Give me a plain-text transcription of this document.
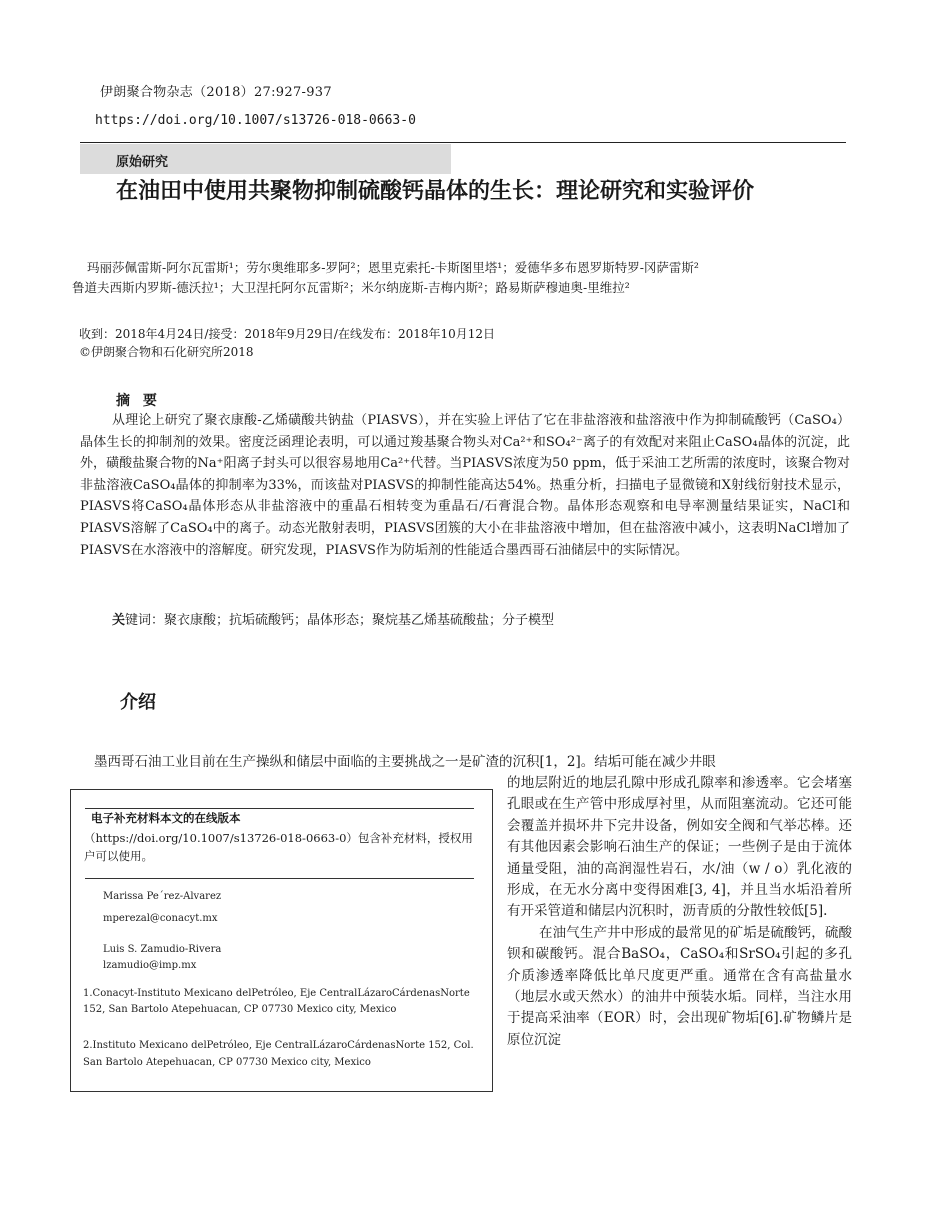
伊朗聚合物杂志（2018）27:927-937
https://doi.org/10.1007/s13726-018-0663-0
原始研究
在油田中使用共聚物抑制硫酸钙晶体的生长：理论研究和实验评价
玛丽莎佩雷斯-阿尔瓦雷斯¹；劳尔奥维耶多-罗阿²；恩里克索托-卡斯图里塔¹；爱德华多布恩罗斯特罗-冈萨雷斯²
鲁道夫西斯内罗斯-德沃拉¹；大卫涅托阿尔瓦雷斯²；米尔纳庞斯-吉梅内斯²；路易斯萨穆迪奥-里维拉²
收到：2018年4月24日/接受：2018年9月29日/在线发布：2018年10月12日
©伊朗聚合物和石化研究所2018
摘 要
从理论上研究了聚衣康酸-乙烯磺酸共钠盐（PIASVS），并在实验上评估了它在非盐溶液和盐溶液中作为抑制硫酸钙（CaSO₄）晶体生长的抑制剂的效果。密度泛函理论表明，可以通过羧基聚合物头对Ca²⁺和SO₄²⁻离子的有效配对来阻止CaSO₄晶体的沉淀，此外，磺酸盐聚合物的Na⁺阳离子封头可以很容易地用Ca²⁺代替。当PIASVS浓度为50 ppm，低于采油工艺所需的浓度时，该聚合物对非盐溶液CaSO₄晶体的抑制率为33%，而该盐对PIASVS的抑制性能高达54%。热重分析，扫描电子显微镜和X射线衍射技术显示，PIASVS将CaSO₄晶体形态从非盐溶液中的重晶石相转变为重晶石/石膏混合物。晶体形态观察和电导率测量结果证实，NaCl和PIASVS溶解了CaSO₄中的离子。动态光散射表明，PIASVS团簇的大小在非盐溶液中增加，但在盐溶液中减小，这表明NaCl增加了PIASVS在水溶液中的溶解度。研究发现，PIASVS作为防垢剂的性能适合墨西哥石油储层中的实际情况。
关键词：聚衣康酸；抗垢硫酸钙；晶体形态；聚烷基乙烯基硫酸盐；分子模型
介绍
墨西哥石油工业目前在生产操纵和储层中面临的主要挑战之一是矿渣的沉积[1，2]。结垢可能在减少井眼

的地层附近的地层孔隙中形成孔隙率和渗透率。它会堵塞孔眼或在生产管中形成厚衬里，从而阻塞流动。它还可能会覆盖并损坏井下完井设备，例如安全阀和气举芯棒。还有其他因素会影响石油生产的保证；一些例子是由于流体通量受阻，油的高润湿性岩石，水/油（w / o）乳化液的形成，在无水分离中变得困难[3, 4]，并且当水垢沿着所有开采管道和储层内沉积时，沥青质的分散性较低[5].

在油气生产井中形成的最常见的矿垢是硫酸钙，硫酸钡和碳酸钙。混合BaSO₄，CaSO₄和SrSO₄引起的多孔介质渗透率降低比单尺度更严重。通常在含有高盐量水（地层水或天然水）的油井中预装水垢。同样，当注水用于提高采油率（EOR）时，会出现矿物垢[6].矿物鳞片是原位沉淀

电子补充材料本文的在线版本
（https://doi.org/10.1007/s13726-018-0663-0）包含补充材料，授权用户可以使用。
Marissa Pe´rez-Alvarez
mperezal@conacyt.mx
Luis S. Zamudio-Rivera
lzamudio@imp.mx
1.Conacyt-Instituto Mexicano delPetróleo, Eje CentralLázaroCárdenasNorte 152, San Bartolo Atepehuacan, CP 07730 Mexico city, Mexico
2.Instituto Mexicano delPetróleo, Eje CentralLázaroCárdenasNorte 152, Col. San Bartolo Atepehuacan, CP 07730 Mexico city, Mexico
